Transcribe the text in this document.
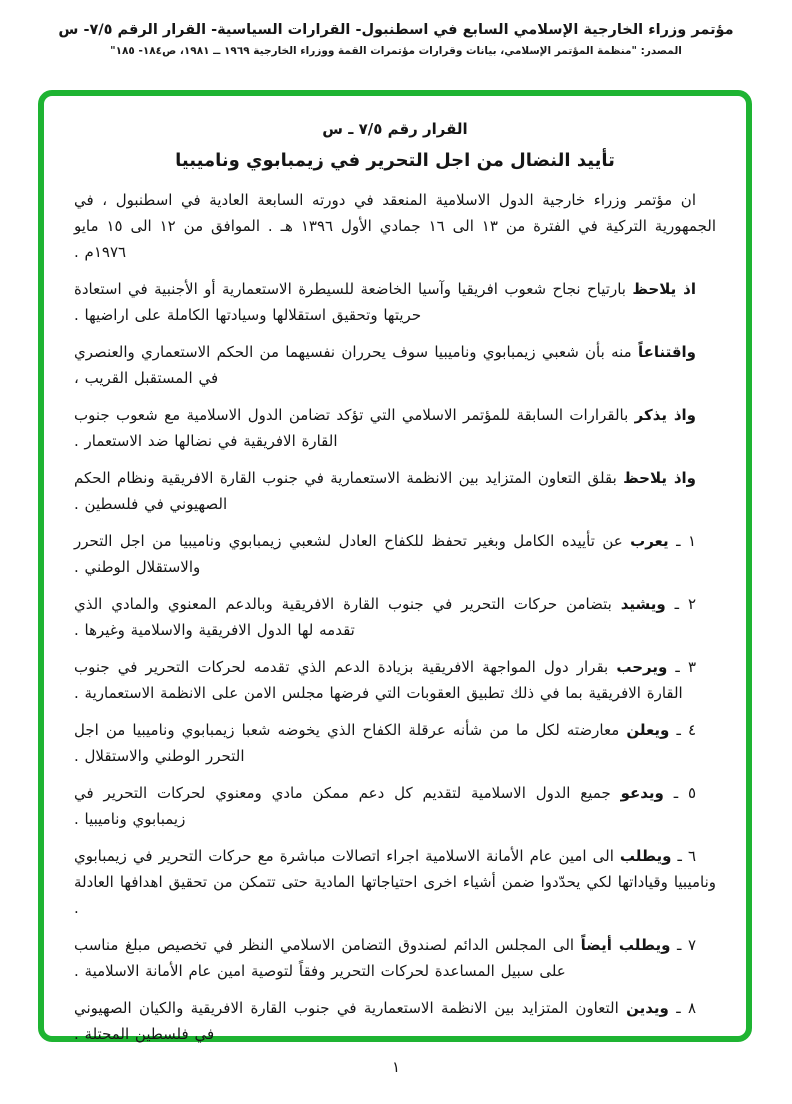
مؤتمر وزراء الخارجية الإسلامي السابع في اسطنبول- القرارات السياسية- القرار الرقم ٧/٥- س
المصدر: "منظمة المؤتمر الإسلامي، بيانات وقرارات مؤتمرات القمة ووزراء الخارجية ١٩٦٩ ــ ١٩٨١، ص١٨٤- ١٨٥"
القرار رقم ٧/٥ ـ س
تأييد النضال من اجل التحرير في زيمبابوي وناميبيا

ان مؤتمر وزراء خارجية الدول الاسلامية المنعقد في دورته السابعة العادية في اسطنبول ، في الجمهورية التركية في الفترة من ١٣ الى ١٦ جمادي الأول ١٣٩٦ هـ . الموافق من ١٢ الى ١٥ مايو ١٩٧٦م .

اذ يلاحظ بارتياح نجاح شعوب افريقيا وآسيا الخاضعة للسيطرة الاستعمارية أو الأجنبية في استعادة حريتها وتحقيق استقلالها وسيادتها الكاملة على اراضيها .

واقتناعاً منه بأن شعبي زيمبابوي وناميبيا سوف يحرران نفسيهما من الحكم الاستعماري والعنصري في المستقبل القريب ،

واذ يذكر بالقرارات السابقة للمؤتمر الاسلامي التي تؤكد تضامن الدول الاسلامية مع شعوب جنوب القارة الافريقية في نضالها ضد الاستعمار .

واذ يلاحظ بقلق التعاون المتزايد بين الانظمة الاستعمارية في جنوب القارة الافريقية ونظام الحكم الصهيوني في فلسطين .

١ ـ يعرب عن تأييده الكامل وبغير تحفظ للكفاح العادل لشعبي زيمبابوي وناميبيا من اجل التحرر والاستقلال الوطني .

٢ ـ ويشيد بتضامن حركات التحرير في جنوب القارة الافريقية وبالدعم المعنوي والمادي الذي تقدمه لها الدول الافريقية والاسلامية وغيرها .

٣ ـ ويرحب بقرار دول المواجهة الافريقية بزيادة الدعم الذي تقدمه لحركات التحرير في جنوب القارة الافريقية بما في ذلك تطبيق العقوبات التي فرضها مجلس الامن على الانظمة الاستعمارية .

٤ ـ ويعلن معارضته لكل ما من شأنه عرقلة الكفاح الذي يخوضه شعبا زيمبابوي وناميبيا من اجل التحرر الوطني والاستقلال .

٥ ـ ويدعو جميع الدول الاسلامية لتقديم كل دعم ممكن مادي ومعنوي لحركات التحرير في زيمبابوي وناميبيا .

٦ ـ ويطلب الى امين عام الأمانة الاسلامية اجراء اتصالات مباشرة مع حركات التحرير في زيمبابوي وناميبيا وقياداتها لكي يحدّدوا ضمن أشياء اخرى احتياجاتها المادية حتى تتمكن من تحقيق اهدافها العادلة .

٧ ـ ويطلب أيضاً الى المجلس الدائم لصندوق التضامن الاسلامي النظر في تخصيص مبلغ مناسب على سبيل المساعدة لحركات التحرير وفقاً لتوصية امين عام الأمانة الاسلامية .

٨ ـ ويدين التعاون المتزايد بين الانظمة الاستعمارية في جنوب القارة الافريقية والكيان الصهيوني في فلسطين المحتلة .

١
